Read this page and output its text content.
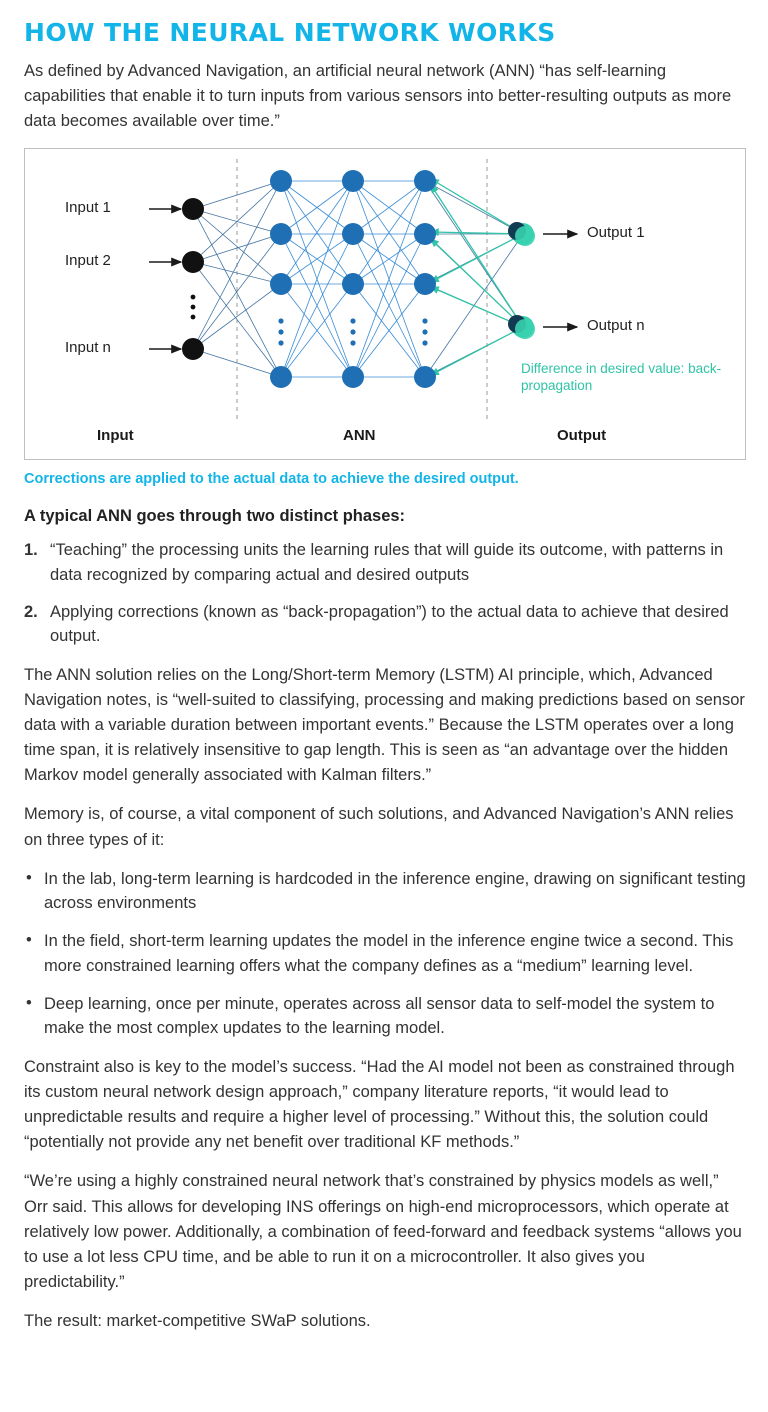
HOW THE NEURAL NETWORK WORKS

As defined by Advanced Navigation, an artificial neural network (ANN) “has self-learning capabilities that enable it to turn inputs from various sensors into better-resulting outputs as more data becomes available over time.”

Input 1
Input 2
Input n
Output 1
Output n
Difference in desired value: back-propagation
Input	ANN	Output

Corrections are applied to the actual data to achieve the desired output.

A typical ANN goes through two distinct phases:

1. “Teaching” the processing units the learning rules that will guide its outcome, with patterns in data recognized by comparing actual and desired outputs
2. Applying corrections (known as “back-propagation”) to the actual data to achieve that desired output.

The ANN solution relies on the Long/Short-term Memory (LSTM) AI principle, which, Advanced Navigation notes, is “well-suited to classifying, processing and making predictions based on sensor data with a variable duration between important events.” Because the LSTM operates over a long time span, it is relatively insensitive to gap length. This is seen as “an advantage over the hidden Markov model generally associated with Kalman filters.”

Memory is, of course, a vital component of such solutions, and Advanced Navigation’s ANN relies on three types of it:

• In the lab, long-term learning is hardcoded in the inference engine, drawing on significant testing across environments
• In the field, short-term learning updates the model in the inference engine twice a second. This more constrained learning offers what the company defines as a “medium” learning level.
• Deep learning, once per minute, operates across all sensor data to self-model the system to make the most complex updates to the learning model.

Constraint also is key to the model’s success. “Had the AI model not been as constrained through its custom neural network design approach,” company literature reports, “it would lead to unpredictable results and require a higher level of processing.” Without this, the solution could “potentially not provide any net benefit over traditional KF methods.”

“We’re using a highly constrained neural network that’s constrained by physics models as well,” Orr said. This allows for developing INS offerings on high-end microprocessors, which operate at relatively low power. Additionally, a combination of feed-forward and feedback systems “allows you to use a lot less CPU time, and be able to run it on a microcontroller. It also gives you predictability.”

The result: market-competitive SWaP solutions.
